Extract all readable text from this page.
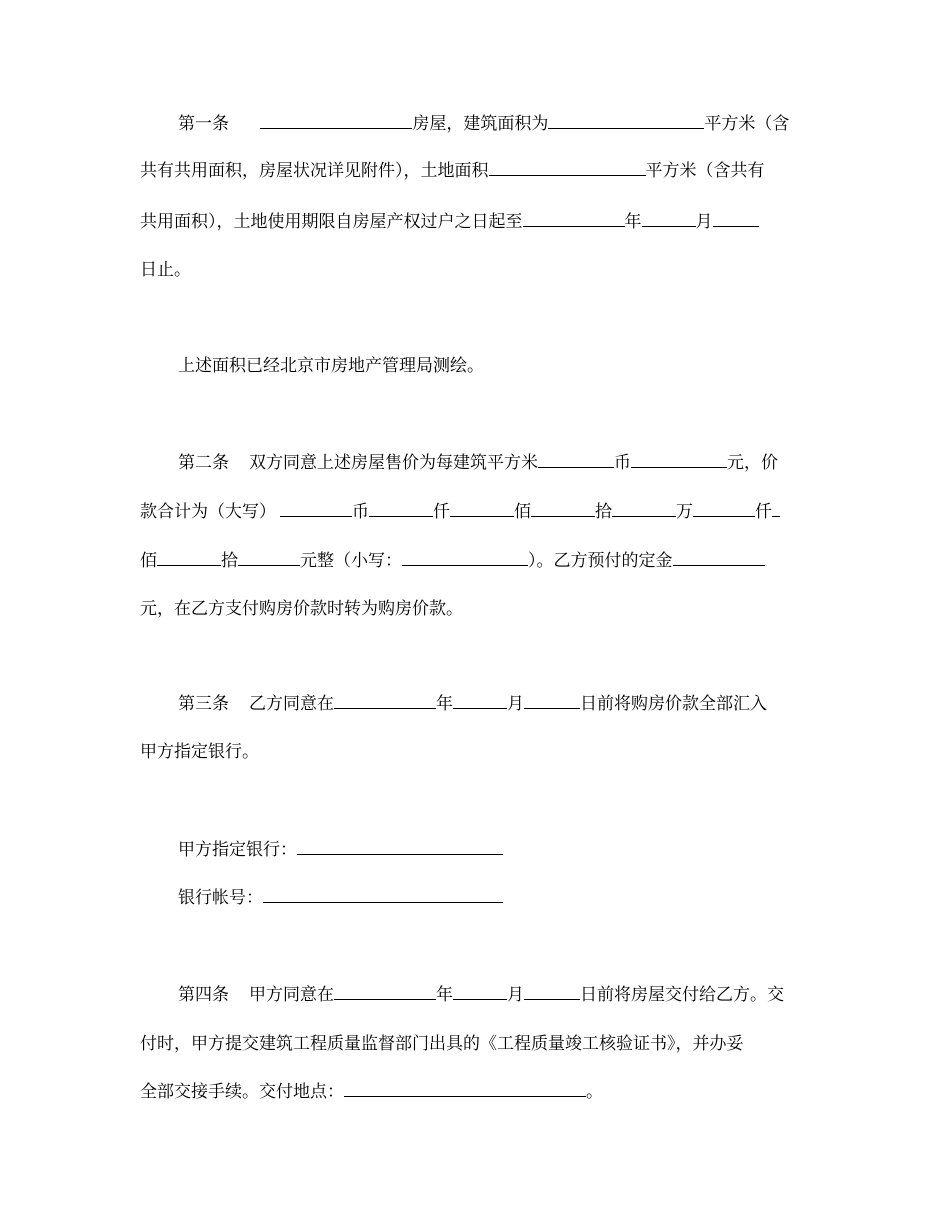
第一条	房屋，建筑面积为	平方米（含
共有共用面积，房屋状况详见附件），土地面积	平方米（含共有
共用面积），土地使用期限自房屋产权过户之日起至	年	月
日止。
上述面积已经北京市房地产管理局测绘。
第二条 双方同意上述房屋售价为每建筑平方米	币	元，价
款合计为（大写）	币	仟	佰	拾	万	仟
佰	拾	元整（小写：	）。乙方预付的定金
元，在乙方支付购房价款时转为购房价款。
第三条 乙方同意在	年	月	日前将购房价款全部汇入
甲方指定银行。
甲方指定银行：
银行帐号：
第四条 甲方同意在	年	月	日前将房屋交付给乙方。交
付时，甲方提交建筑工程质量监督部门出具的《工程质量竣工核验证书》，并办妥
全部交接手续。交付地点：	。
